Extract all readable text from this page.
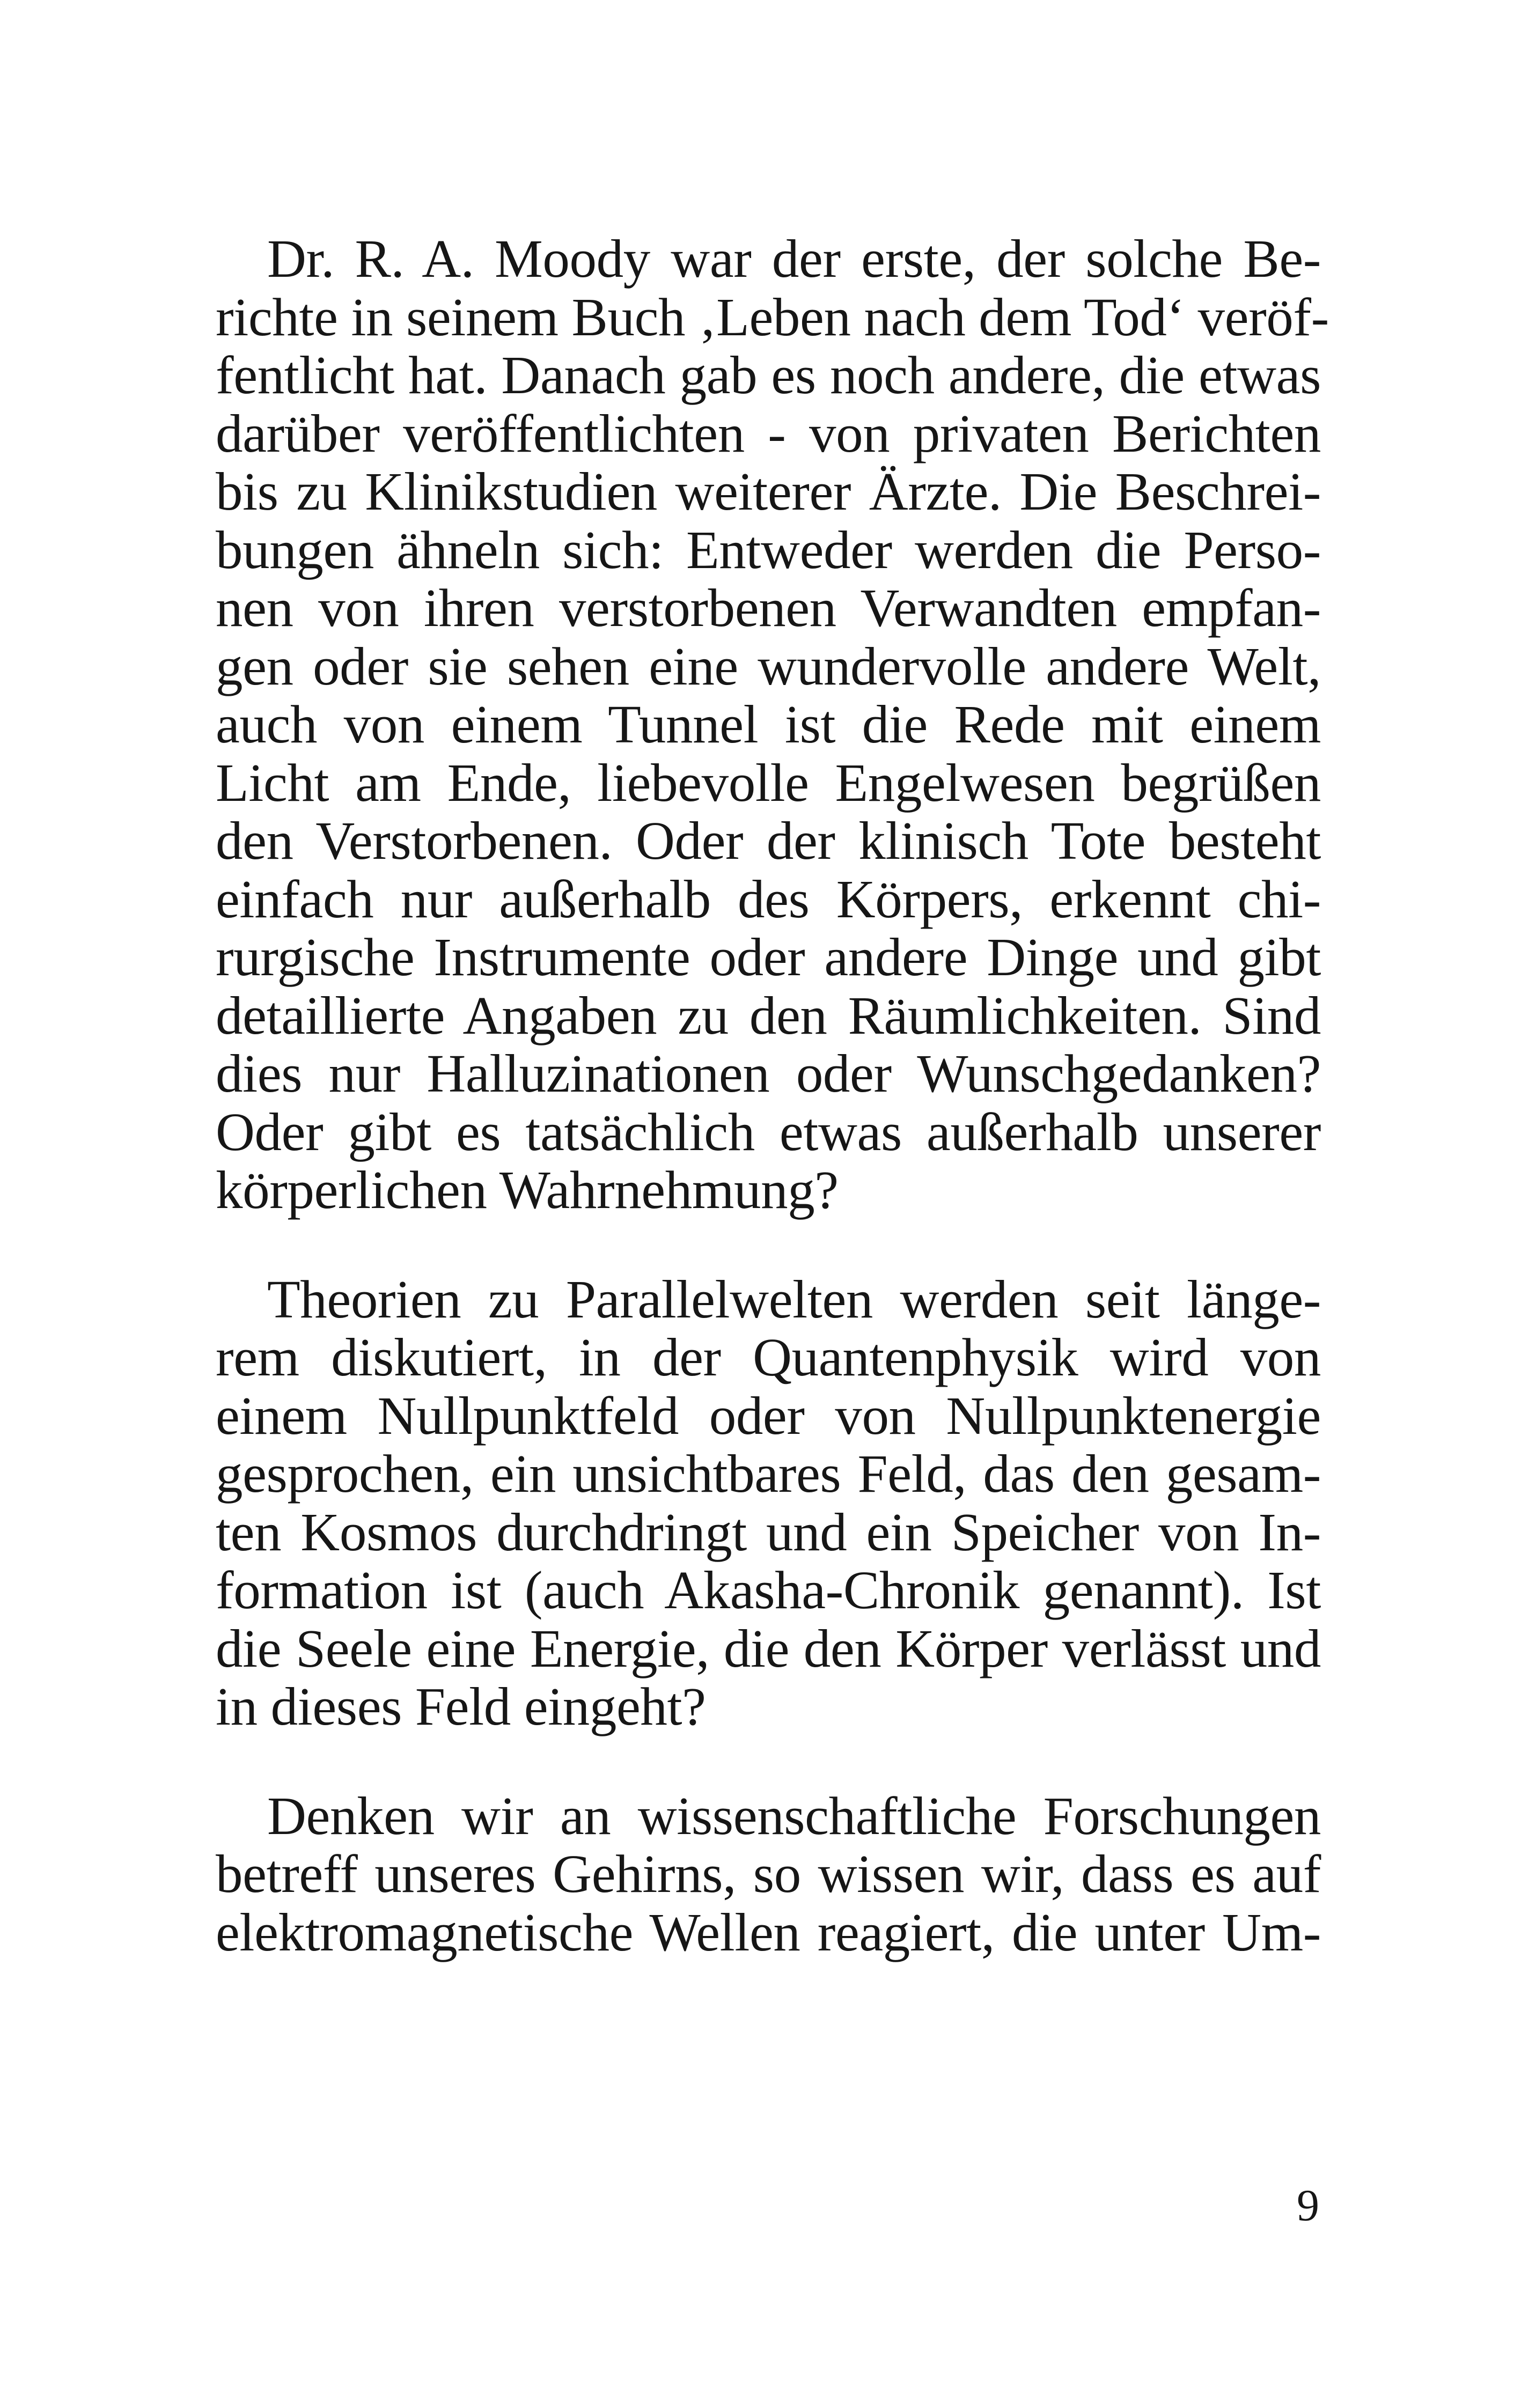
Dr. R. A. Moody war der erste, der solche Be-
richte in seinem Buch ‚Leben nach dem Tod‘ veröf-
fentlicht hat. Danach gab es noch andere, die etwas
darüber veröffentlichten - von privaten Berichten
bis zu Klinikstudien weiterer Ärzte. Die Beschrei-
bungen ähneln sich: Entweder werden die Perso-
nen von ihren verstorbenen Verwandten empfan-
gen oder sie sehen eine wundervolle andere Welt,
auch von einem Tunnel ist die Rede mit einem
Licht am Ende, liebevolle Engelwesen begrüßen
den Verstorbenen. Oder der klinisch Tote besteht
einfach nur außerhalb des Körpers, erkennt chi-
rurgische Instrumente oder andere Dinge und gibt
detaillierte Angaben zu den Räumlichkeiten. Sind
dies nur Halluzinationen oder Wunschgedanken?
Oder gibt es tatsächlich etwas außerhalb unserer
körperlichen Wahrnehmung?

Theorien zu Parallelwelten werden seit länge-
rem diskutiert, in der Quantenphysik wird von
einem Nullpunktfeld oder von Nullpunktenergie
gesprochen, ein unsichtbares Feld, das den gesam-
ten Kosmos durchdringt und ein Speicher von In-
formation ist (auch Akasha-Chronik genannt). Ist
die Seele eine Energie, die den Körper verlässt und
in dieses Feld eingeht?

Denken wir an wissenschaftliche Forschungen
betreff unseres Gehirns, so wissen wir, dass es auf
elektromagnetische Wellen reagiert, die unter Um-

9
